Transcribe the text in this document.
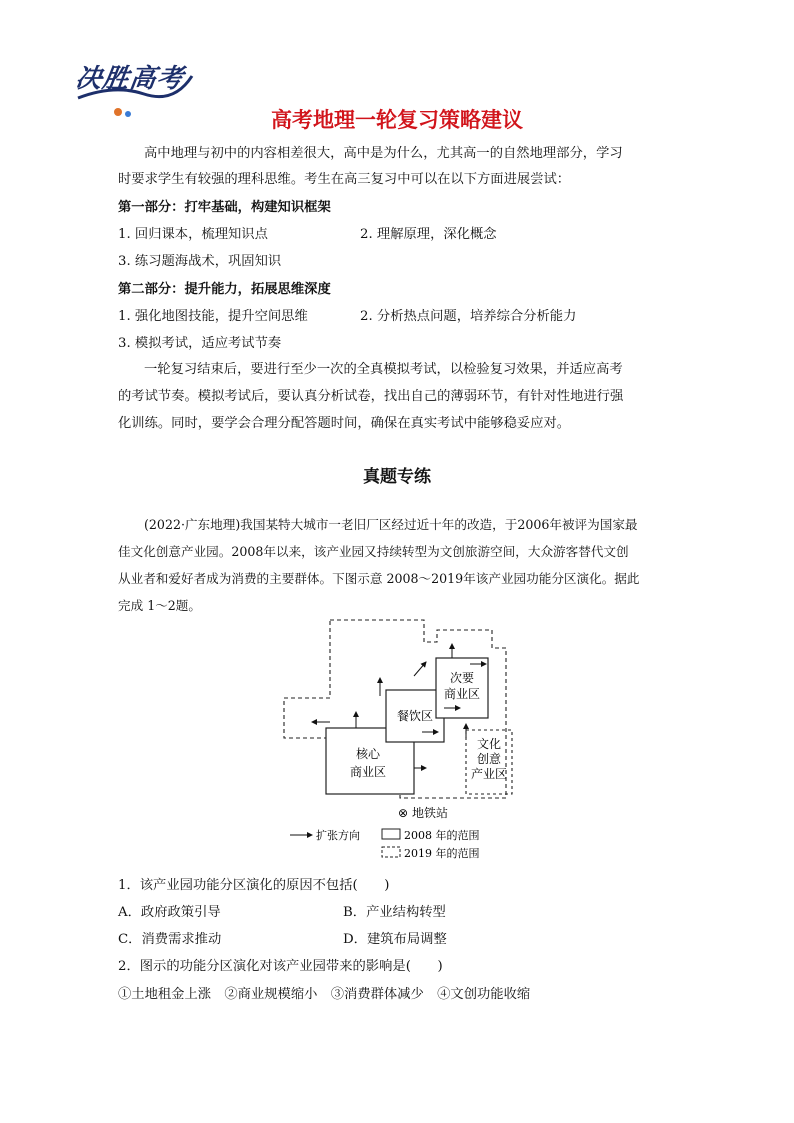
决胜高考
高考地理一轮复习策略建议
高中地理与初中的内容相差很大，高中是为什么，尤其高一的自然地理部分，学习
时要求学生有较强的理科思维。考生在高三复习中可以在以下方面进展尝试：
第一部分：打牢基础，构建知识框架
1. 回归课本，梳理知识点	2. 理解原理，深化概念
3. 练习题海战术，巩固知识
第二部分：提升能力，拓展思维深度
1. 强化地图技能，提升空间思维	2. 分析热点问题，培养综合分析能力
3. 模拟考试，适应考试节奏
一轮复习结束后，要进行至少一次的全真模拟考试，以检验复习效果，并适应高考
的考试节奏。模拟考试后，要认真分析试卷，找出自己的薄弱环节，有针对性地进行强
化训练。同时，要学会合理分配答题时间，确保在真实考试中能够稳妥应对。
真题专练
(2022·广东地理)我国某特大城市一老旧厂区经过近十年的改造，于2006年被评为国家最
佳文化创意产业园。2008年以来，该产业园又持续转型为文创旅游空间，大众游客替代文创
从业者和爱好者成为消费的主要群体。下图示意 2008～2019年该产业园功能分区演化。据此
完成 1～2题。
核心
商业区
餐饮区
次要
商业区
文化
创意
产业区
⊗ 地铁站
扩张方向	2008 年的范围
2019 年的范围
1．该产业园功能分区演化的原因不包括(　　)
A．政府政策引导	B．产业结构转型
C．消费需求推动	D．建筑布局调整
2．图示的功能分区演化对该产业园带来的影响是(　　)
①土地租金上涨　②商业规模缩小　③消费群体减少　④文创功能收缩
